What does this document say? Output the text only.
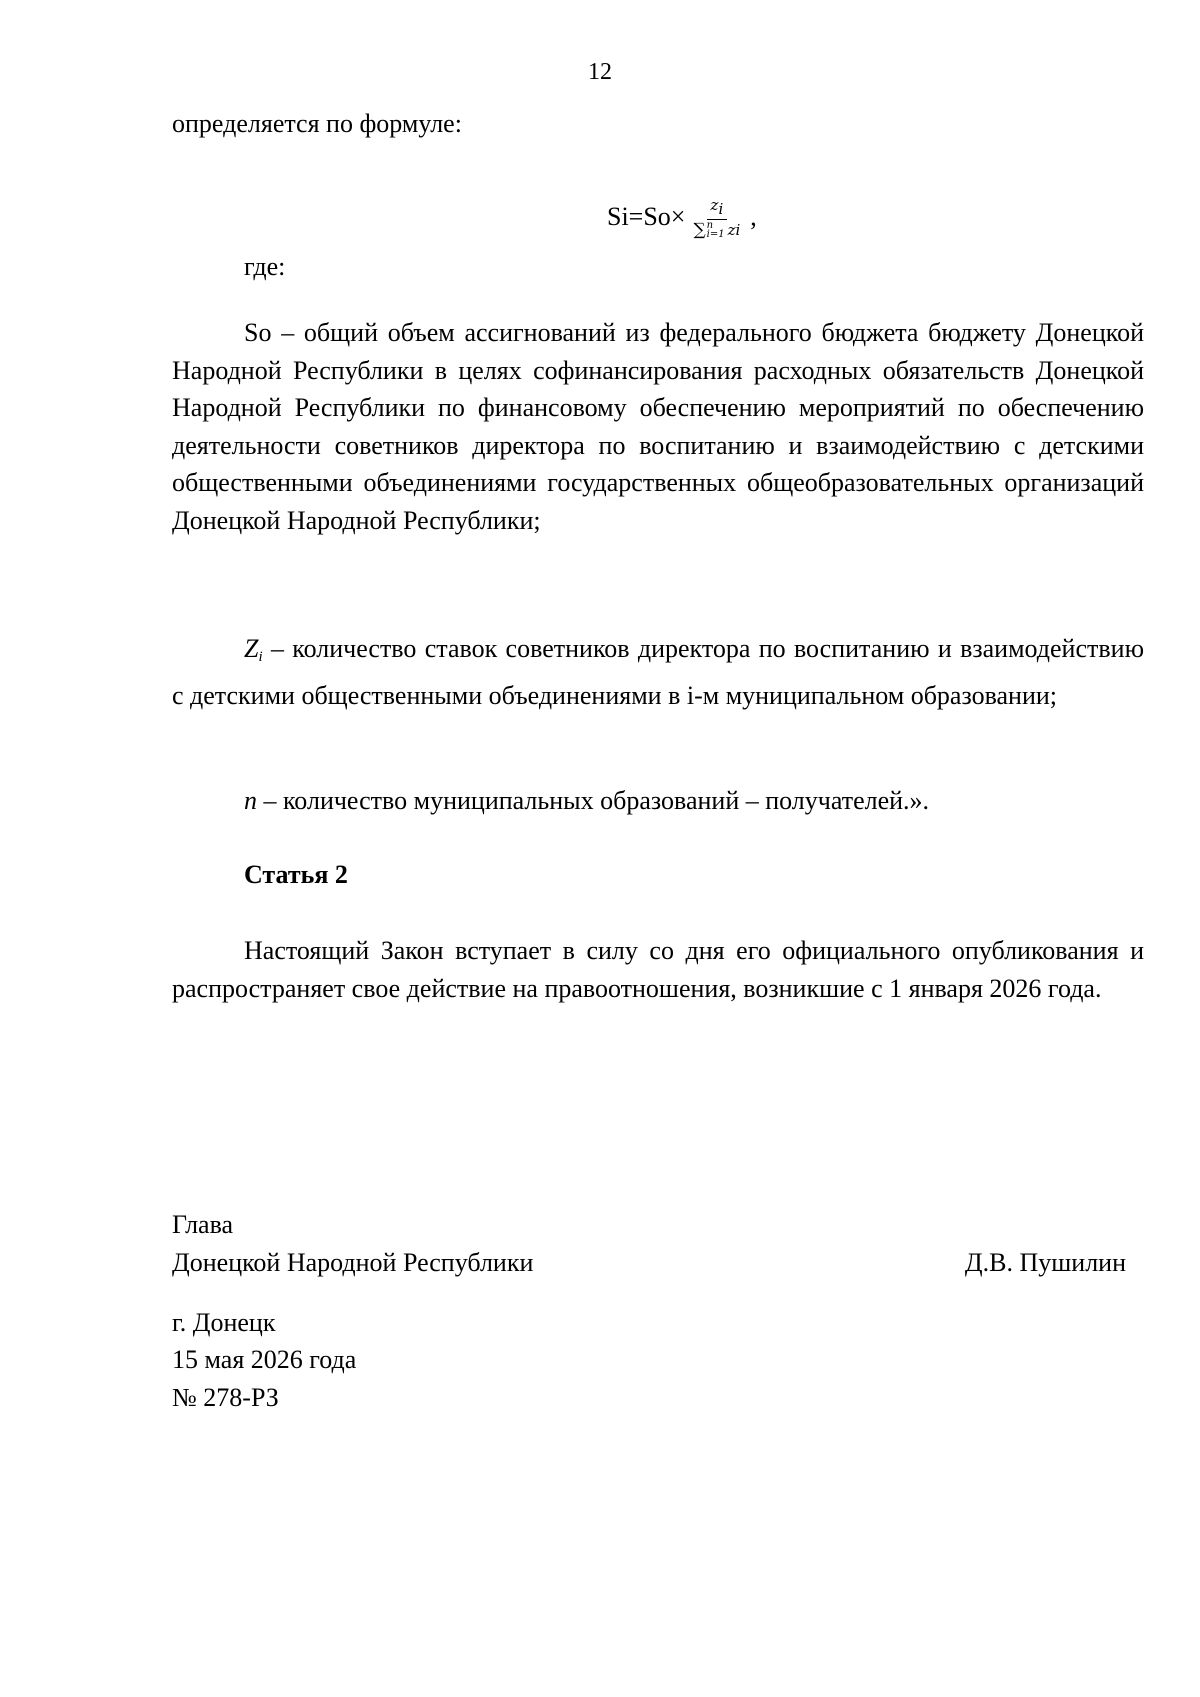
12

определяется по формуле:

$Si=So\times z_i$
∑ n
i=1 z i ,

где:

So – общий объем ассигнований из федерального бюджета бюджету Донецкой Народной Республики в целях софинансирования расходных обязательств Донецкой Народной Республики по финансовому обеспечению мероприятий по обеспечению деятельности советников директора по воспитанию и взаимодействию с детскими общественными объединениями государственных общеобразовательных организаций Донецкой Народной Республики;

$Z_i$ – количество ставок советников директора по воспитанию и взаимодействию с детскими общественными объединениями в i-м муниципальном образовании;

n – количество муниципальных образований – получателей.».

Статья 2

Настоящий Закон вступает в силу со дня его официального опубликования и распространяет свое действие на правоотношения, возникшие с 1 января 2026 года.

Глава

Донецкой Народной Республики	Д.В. Пушилин

г. Донецк

15 мая 2026 года

№ 278-РЗ
